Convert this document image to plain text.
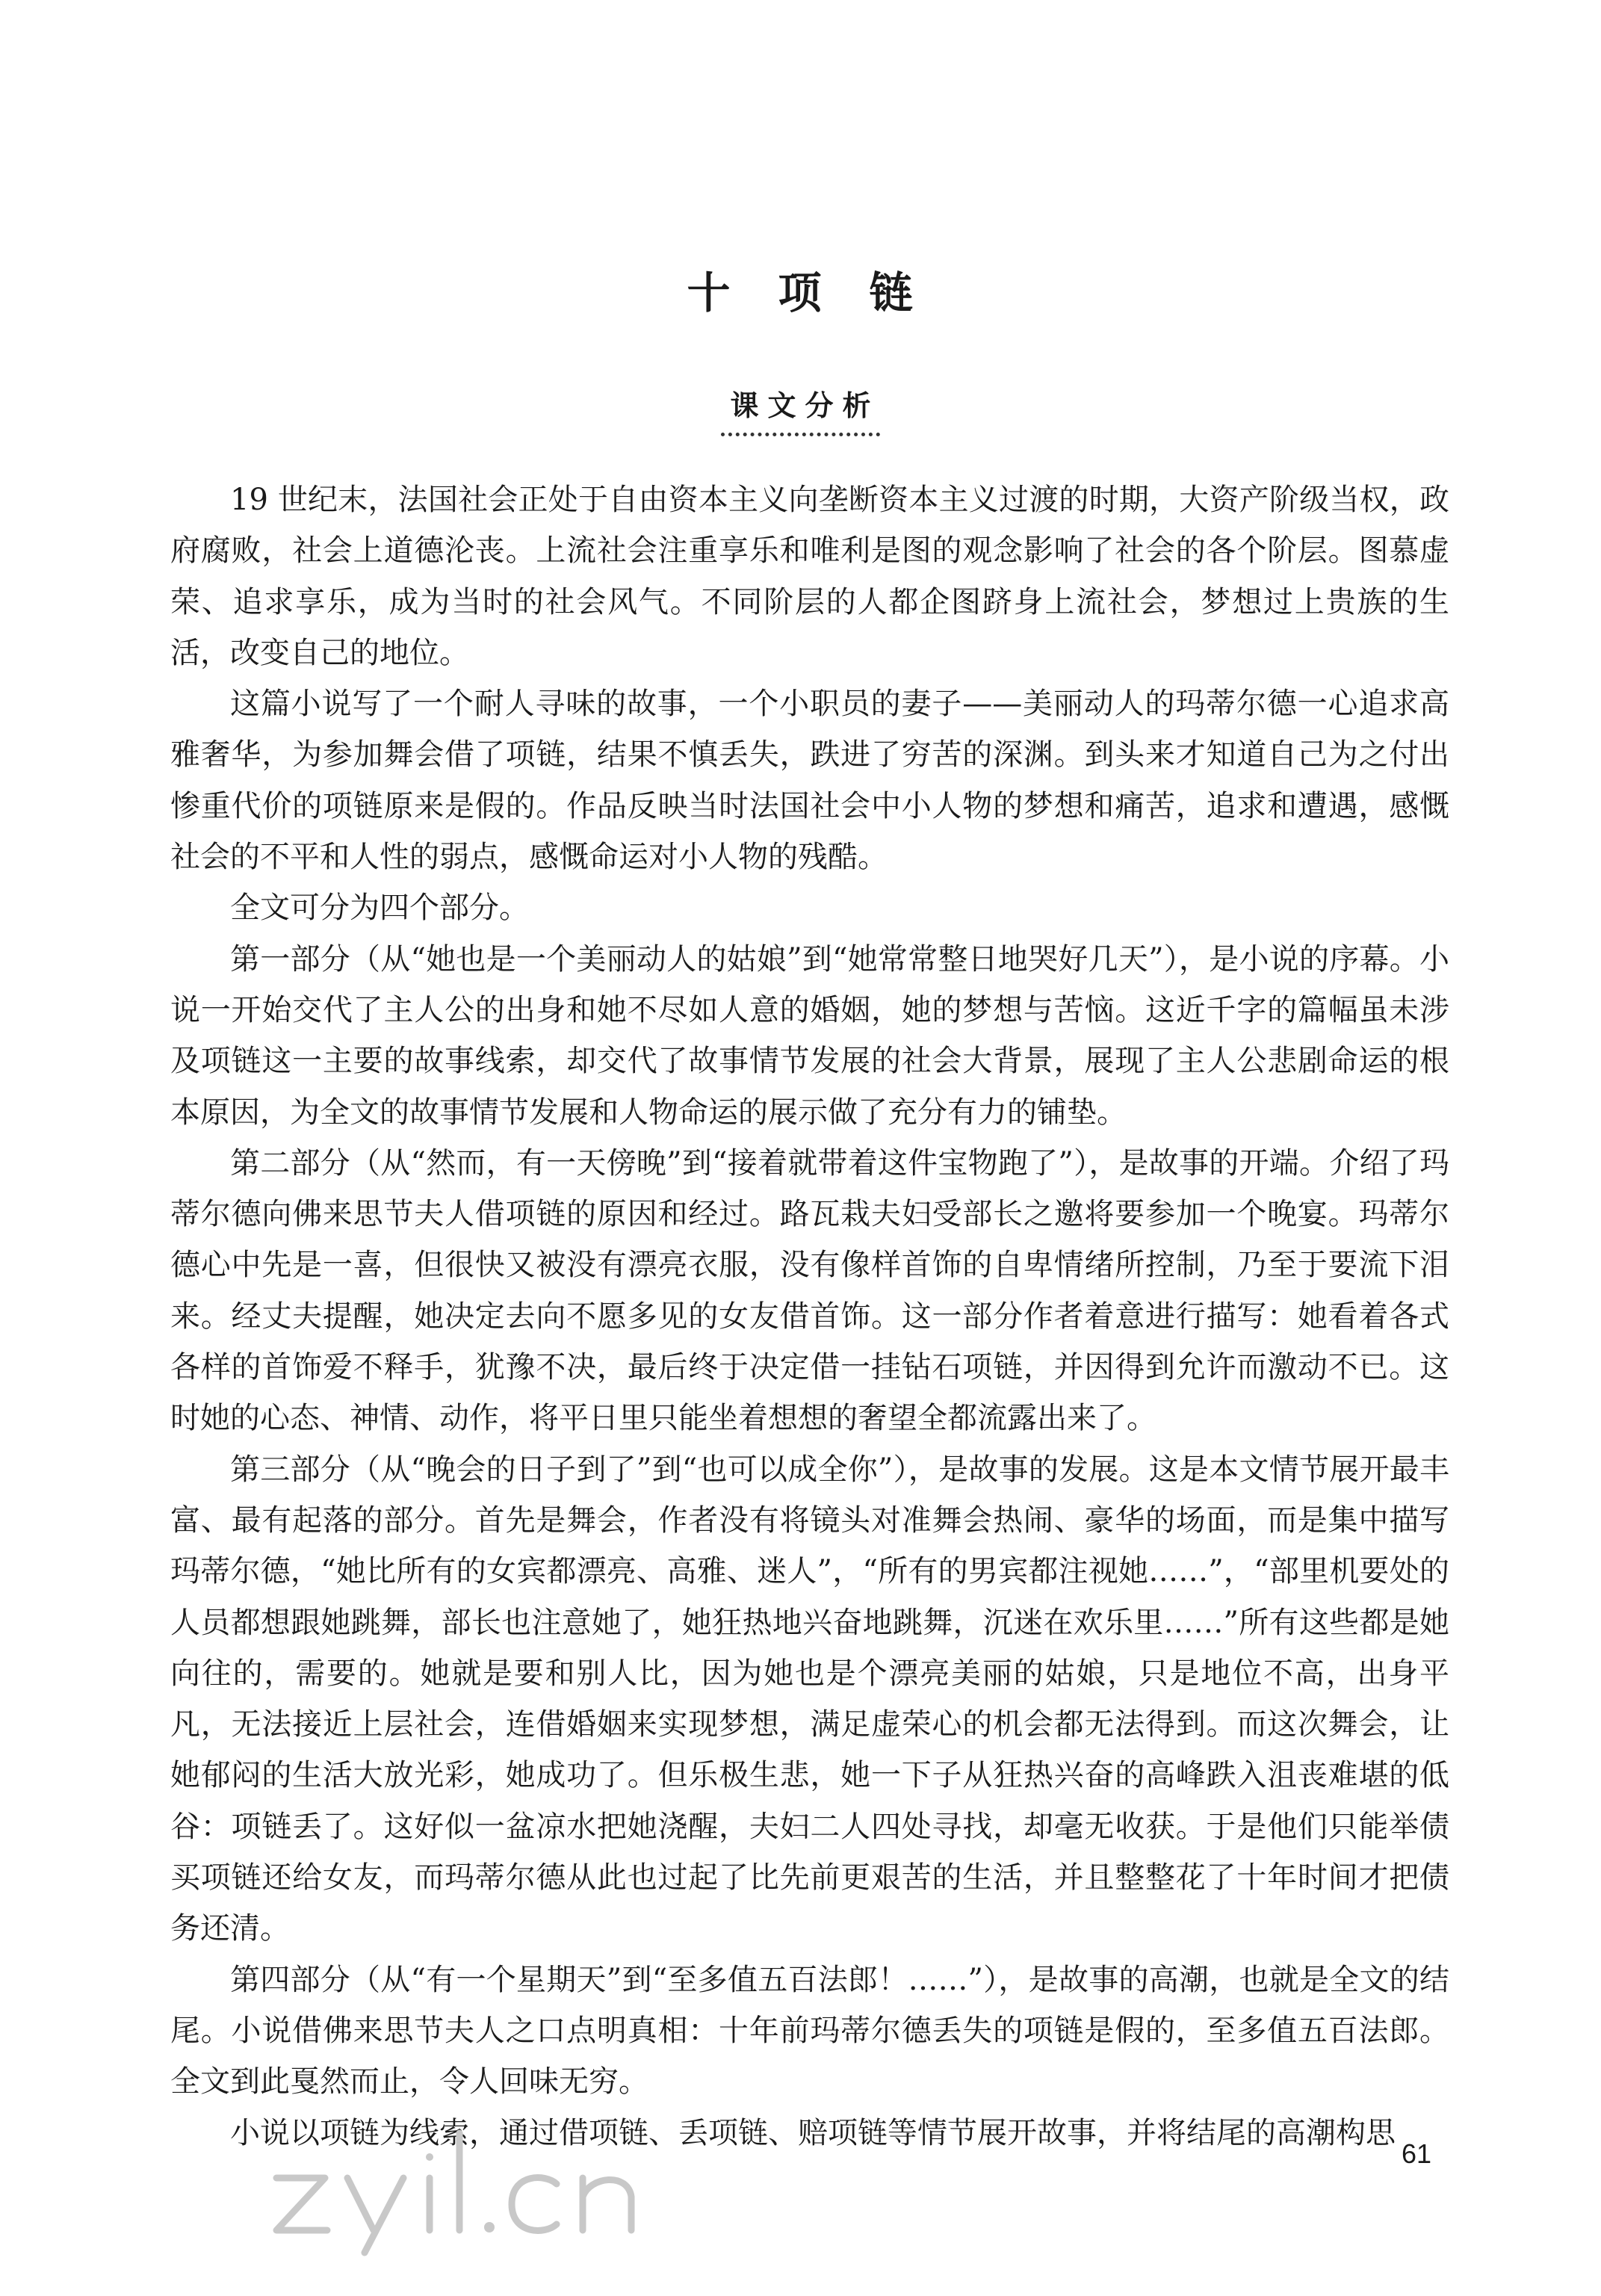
十 项 链
课文分析

19 世纪末，法国社会正处于自由资本主义向垄断资本主义过渡的时期，大资产阶级当权，政府腐败，社会上道德沦丧。上流社会注重享乐和唯利是图的观念影响了社会的各个阶层。图慕虚荣、追求享乐，成为当时的社会风气。不同阶层的人都企图跻身上流社会，梦想过上贵族的生活，改变自己的地位。

这篇小说写了一个耐人寻味的故事，一个小职员的妻子——美丽动人的玛蒂尔德一心追求高雅奢华，为参加舞会借了项链，结果不慎丢失，跌进了穷苦的深渊。到头来才知道自己为之付出惨重代价的项链原来是假的。作品反映当时法国社会中小人物的梦想和痛苦，追求和遭遇，感慨社会的不平和人性的弱点，感慨命运对小人物的残酷。

全文可分为四个部分。

第一部分（从“她也是一个美丽动人的姑娘”到“她常常整日地哭好几天”），是小说的序幕。小说一开始交代了主人公的出身和她不尽如人意的婚姻，她的梦想与苦恼。这近千字的篇幅虽未涉及项链这一主要的故事线索，却交代了故事情节发展的社会大背景，展现了主人公悲剧命运的根本原因，为全文的故事情节发展和人物命运的展示做了充分有力的铺垫。

第二部分（从“然而，有一天傍晚”到“接着就带着这件宝物跑了”），是故事的开端。介绍了玛蒂尔德向佛来思节夫人借项链的原因和经过。路瓦栽夫妇受部长之邀将要参加一个晚宴。玛蒂尔德心中先是一喜，但很快又被没有漂亮衣服，没有像样首饰的自卑情绪所控制，乃至于要流下泪来。经丈夫提醒，她决定去向不愿多见的女友借首饰。这一部分作者着意进行描写：她看着各式各样的首饰爱不释手，犹豫不决，最后终于决定借一挂钻石项链，并因得到允许而激动不已。这时她的心态、神情、动作，将平日里只能坐着想想的奢望全都流露出来了。

第三部分（从“晚会的日子到了”到“也可以成全你”），是故事的发展。这是本文情节展开最丰富、最有起落的部分。首先是舞会，作者没有将镜头对准舞会热闹、豪华的场面，而是集中描写玛蒂尔德，“她比所有的女宾都漂亮、高雅、迷人”，“所有的男宾都注视她……”，“部里机要处的人员都想跟她跳舞，部长也注意她了，她狂热地兴奋地跳舞，沉迷在欢乐里……”所有这些都是她向往的，需要的。她就是要和别人比，因为她也是个漂亮美丽的姑娘，只是地位不高，出身平凡，无法接近上层社会，连借婚姻来实现梦想，满足虚荣心的机会都无法得到。而这次舞会，让她郁闷的生活大放光彩，她成功了。但乐极生悲，她一下子从狂热兴奋的高峰跌入沮丧难堪的低谷：项链丢了。这好似一盆凉水把她浇醒，夫妇二人四处寻找，却毫无收获。于是他们只能举债买项链还给女友，而玛蒂尔德从此也过起了比先前更艰苦的生活，并且整整花了十年时间才把债务还清。

第四部分（从“有一个星期天”到“至多值五百法郎！……”），是故事的高潮，也就是全文的结尾。小说借佛来思节夫人之口点明真相：十年前玛蒂尔德丢失的项链是假的，至多值五百法郎。全文到此戛然而止，令人回味无穷。

小说以项链为线索，通过借项链、丢项链、赔项链等情节展开故事，并将结尾的高潮构思

61
